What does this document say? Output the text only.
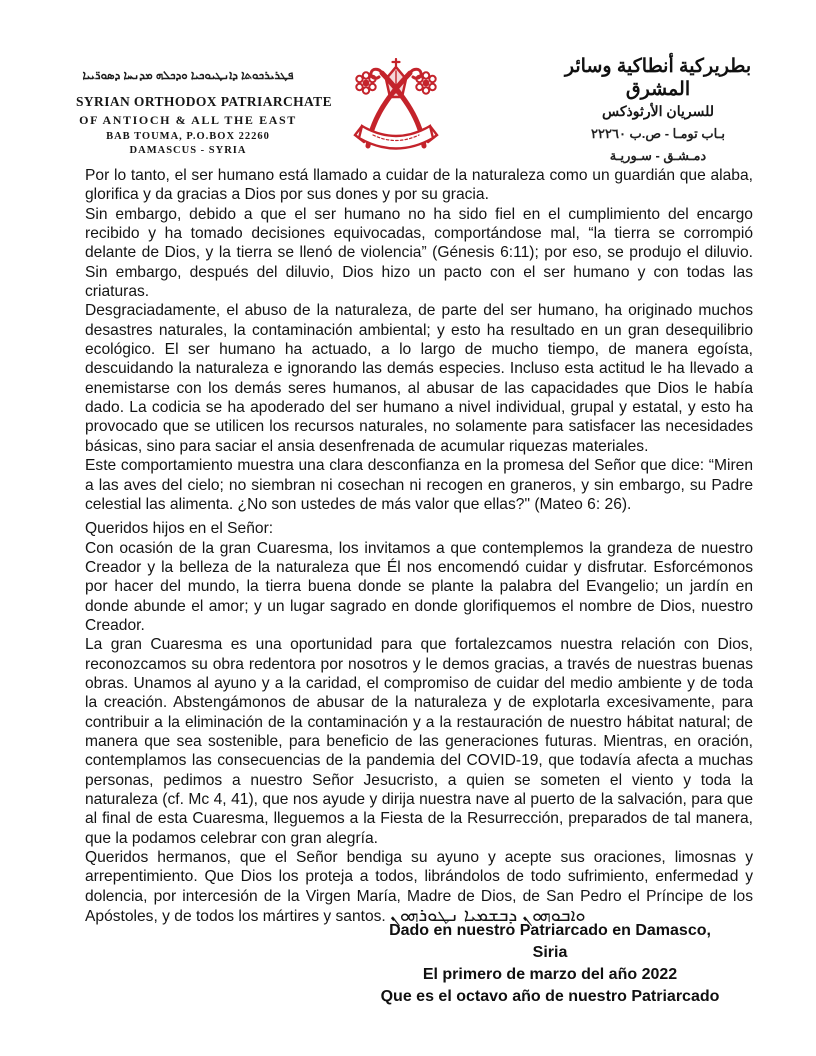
ܦܛܪܝܪܟܘܬܐ ܕܐܢܛܝܘܟܝܐ ܘܕܟܠܗ ܡܕܢܚܐ ܕܣܘܪ̈ܝܝܐ
SYRIAN ORTHODOX PATRIARCHATE
OF ANTIOCH & ALL THE EAST
BAB TOUMA, P.O.BOX 22260
DAMASCUS - SYRIA
بطريركية أنطاكية وسائر المشرق
للسريان الأرثوذكس
بـاب تومـا - ص.ب ٢٢٢٦٠
دمـشـق - سـوريـة

Por lo tanto, el ser humano está llamado a cuidar de la naturaleza como un guardián que alaba, glorifica y da gracias a Dios por sus dones y por su gracia.

Sin embargo, debido a que el ser humano no ha sido fiel en el cumplimiento del encargo recibido y ha tomado decisiones equivocadas, comportándose mal, “la tierra se corrompió delante de Dios, y la tierra se llenó de violencia” (Génesis 6:11); por eso, se produjo el diluvio. Sin embargo, después del diluvio, Dios hizo un pacto con el ser humano y con todas las criaturas.

Desgraciadamente, el abuso de la naturaleza, de parte del ser humano, ha originado muchos desastres naturales, la contaminación ambiental; y esto ha resultado en un gran desequilibrio ecológico. El ser humano ha actuado, a lo largo de mucho tiempo, de manera egoísta, descuidando la naturaleza e ignorando las demás especies. Incluso esta actitud le ha llevado a enemistarse con los demás seres humanos, al abusar de las capacidades que Dios le había dado. La codicia se ha apoderado del ser humano a nivel individual, grupal y estatal, y esto ha provocado que se utilicen los recursos naturales, no solamente para satisfacer las necesidades básicas, sino para saciar el ansia desenfrenada de acumular riquezas materiales.

Este comportamiento muestra una clara desconfianza en la promesa del Señor que dice: “Miren a las aves del cielo; no siembran ni cosechan ni recogen en graneros, y sin embargo, su Padre celestial las alimenta. ¿No son ustedes de más valor que ellas?" (Mateo 6: 26).

Queridos hijos en el Señor:

Con ocasión de la gran Cuaresma, los invitamos a que contemplemos la grandeza de nuestro Creador y la belleza de la naturaleza que Él nos encomendó cuidar y disfrutar. Esforcémonos por hacer del mundo, la tierra buena donde se plante la palabra del Evangelio; un jardín en donde abunde el amor; y un lugar sagrado en donde glorifiquemos el nombre de Dios, nuestro Creador.

La gran Cuaresma es una oportunidad para que fortalezcamos nuestra relación con Dios, reconozcamos su obra redentora por nosotros y le demos gracias, a través de nuestras buenas obras. Unamos al ayuno y a la caridad, el compromiso de cuidar del medio ambiente y de toda la creación. Abstengámonos de abusar de la naturaleza y de explotarla excesivamente, para contribuir a la eliminación de la contaminación y a la restauración de nuestro hábitat natural; de manera que sea sostenible, para beneficio de las generaciones futuras. Mientras, en oración, contemplamos las consecuencias de la pandemia del COVID-19, que todavía afecta a muchas personas, pedimos a nuestro Señor Jesucristo, a quien se someten el viento y toda la naturaleza (cf. Mc 4, 41), que nos ayude y dirija nuestra nave al puerto de la salvación, para que al final de esta Cuaresma, lleguemos a la Fiesta de la Resurrección, preparados de tal manera, que la podamos celebrar con gran alegría.

Queridos hermanos, que el Señor bendiga su ayuno y acepte sus oraciones, limosnas y arrepentimiento. Que Dios los proteja a todos, librándolos de todo sufrimiento, enfermedad y dolencia, por intercesión de la Virgen María, Madre de Dios, de San Pedro el Príncipe de los Apóstoles, y de todos los mártires y santos. ܘܐܒܘܗܘܢ ܕܒܫܡܝܐ ܢܛܘܪܗܘܢ

Dado en nuestro Patriarcado en Damasco, Siria
El primero de marzo del año 2022
Que es el octavo año de nuestro Patriarcado
